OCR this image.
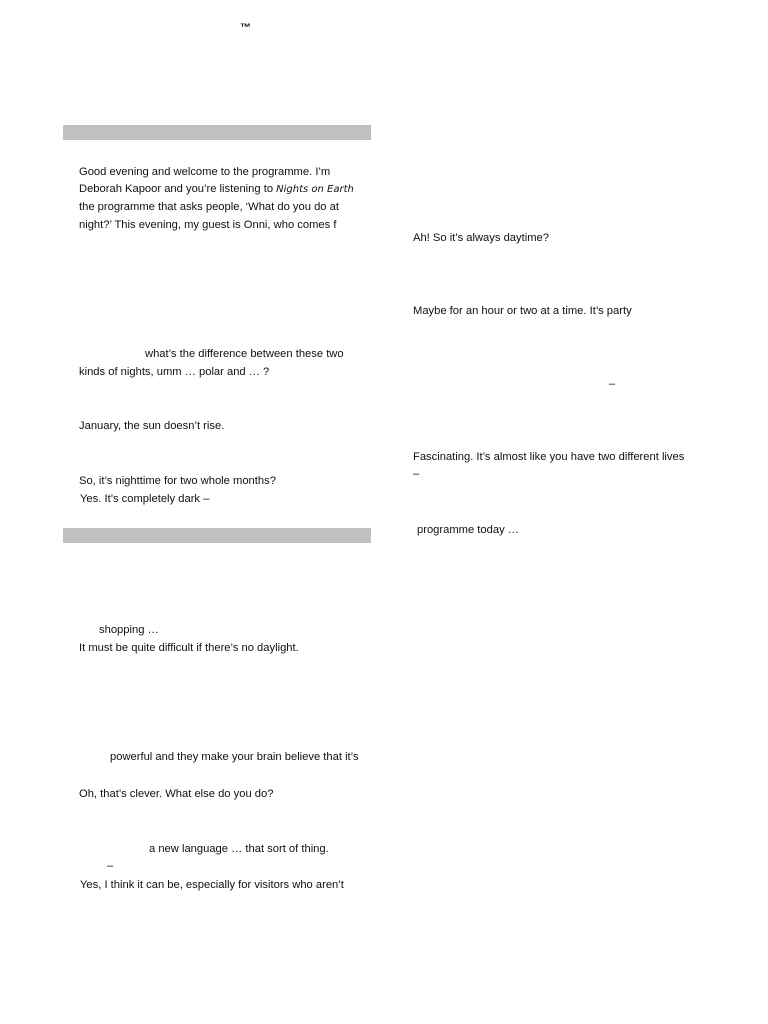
™
Good evening and welcome to the programme. I’m
Deborah Kapoor and you’re listening to Nights on Earth
the programme that asks people, ‘What do you do at
night?’ This evening, my guest is Onni, who comes f
what’s the difference between these two
kinds of nights, umm … polar and … ?
January, the sun doesn’t rise.
So, it’s nighttime for two whole months?
Yes. It’s completely dark –
shopping …
It must be quite difficult if there’s no daylight.
powerful and they make your brain believe that it’s
Oh, that’s clever. What else do you do?
a new language … that sort of thing.
–
Yes, I think it can be, especially for visitors who aren’t
Ah! So it’s always daytime?
Maybe for an hour or two at a time. It’s party
–
Fascinating. It’s almost like you have two different lives
–
programme today …
